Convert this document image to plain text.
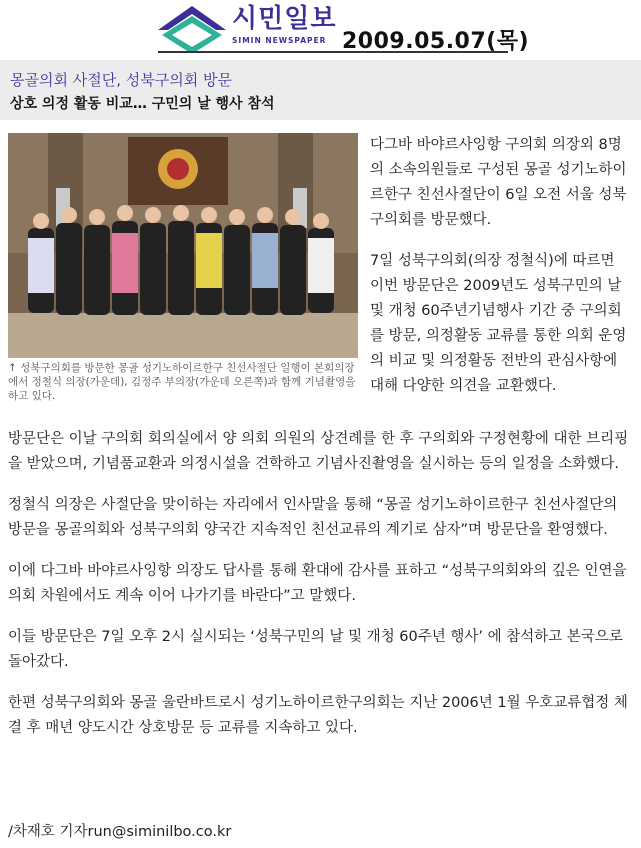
시민일보
SIMIN NEWSPAPER 2009.05.07(목)
몽골의회 사절단, 성북구의회 방문
상호 의정 활동 비교… 구민의 날 행사 참석
↑ 성북구의회를 방문한 몽골 성기노하이르한구 친선사절단 일행이 본회의장에서 정철식 의장(가운데), 김정주 부의장(가운데 오른쪽)과 함께 기념촬영을 하고 있다.

다그바 바야르사잉항 구의회 의장외 8명의 소속의원들로 구성된 몽골 성기노하이르한구 친선사절단이 6일 오전 서울 성북구의회를 방문했다.

7일 성북구의회(의장 정철식)에 따르면 이번 방문단은 2009년도 성북구민의 날 및 개청 60주년기념행사 기간 중 구의회를 방문, 의정활동 교류를 통한 의회 운영의 비교 및 의정활동 전반의 관심사항에 대해 다양한 의견을 교환했다.

방문단은 이날 구의회 회의실에서 양 의회 의원의 상견례를 한 후 구의회와 구정현황에 대한 브리핑을 받았으며, 기념품교환과 의정시설을 견학하고 기념사진촬영을 실시하는 등의 일정을 소화했다.

정철식 의장은 사절단을 맞이하는 자리에서 인사말을 통해 “몽골 성기노하이르한구 친선사절단의 방문을 몽골의회와 성북구의회 양국간 지속적인 친선교류의 계기로 삼자”며 방문단을 환영했다.

이에 다그바 바야르사잉항 의장도 답사를 통해 환대에 감사를 표하고 “성북구의회와의 깊은 인연을 의회 차원에서도 계속 이어 나가기를 바란다”고 말했다.

이들 방문단은 7일 오후 2시 실시되는 ‘성북구민의 날 및 개청 60주년 행사’ 에 참석하고 본국으로 돌아갔다.

한편 성북구의회와 몽골 울란바트로시 성기노하이르한구의회는 지난 2006년 1월 우호교류협정 체결 후 매년 양도시간 상호방문 등 교류를 지속하고 있다.

/차재호 기자run@siminilbo.co.kr
